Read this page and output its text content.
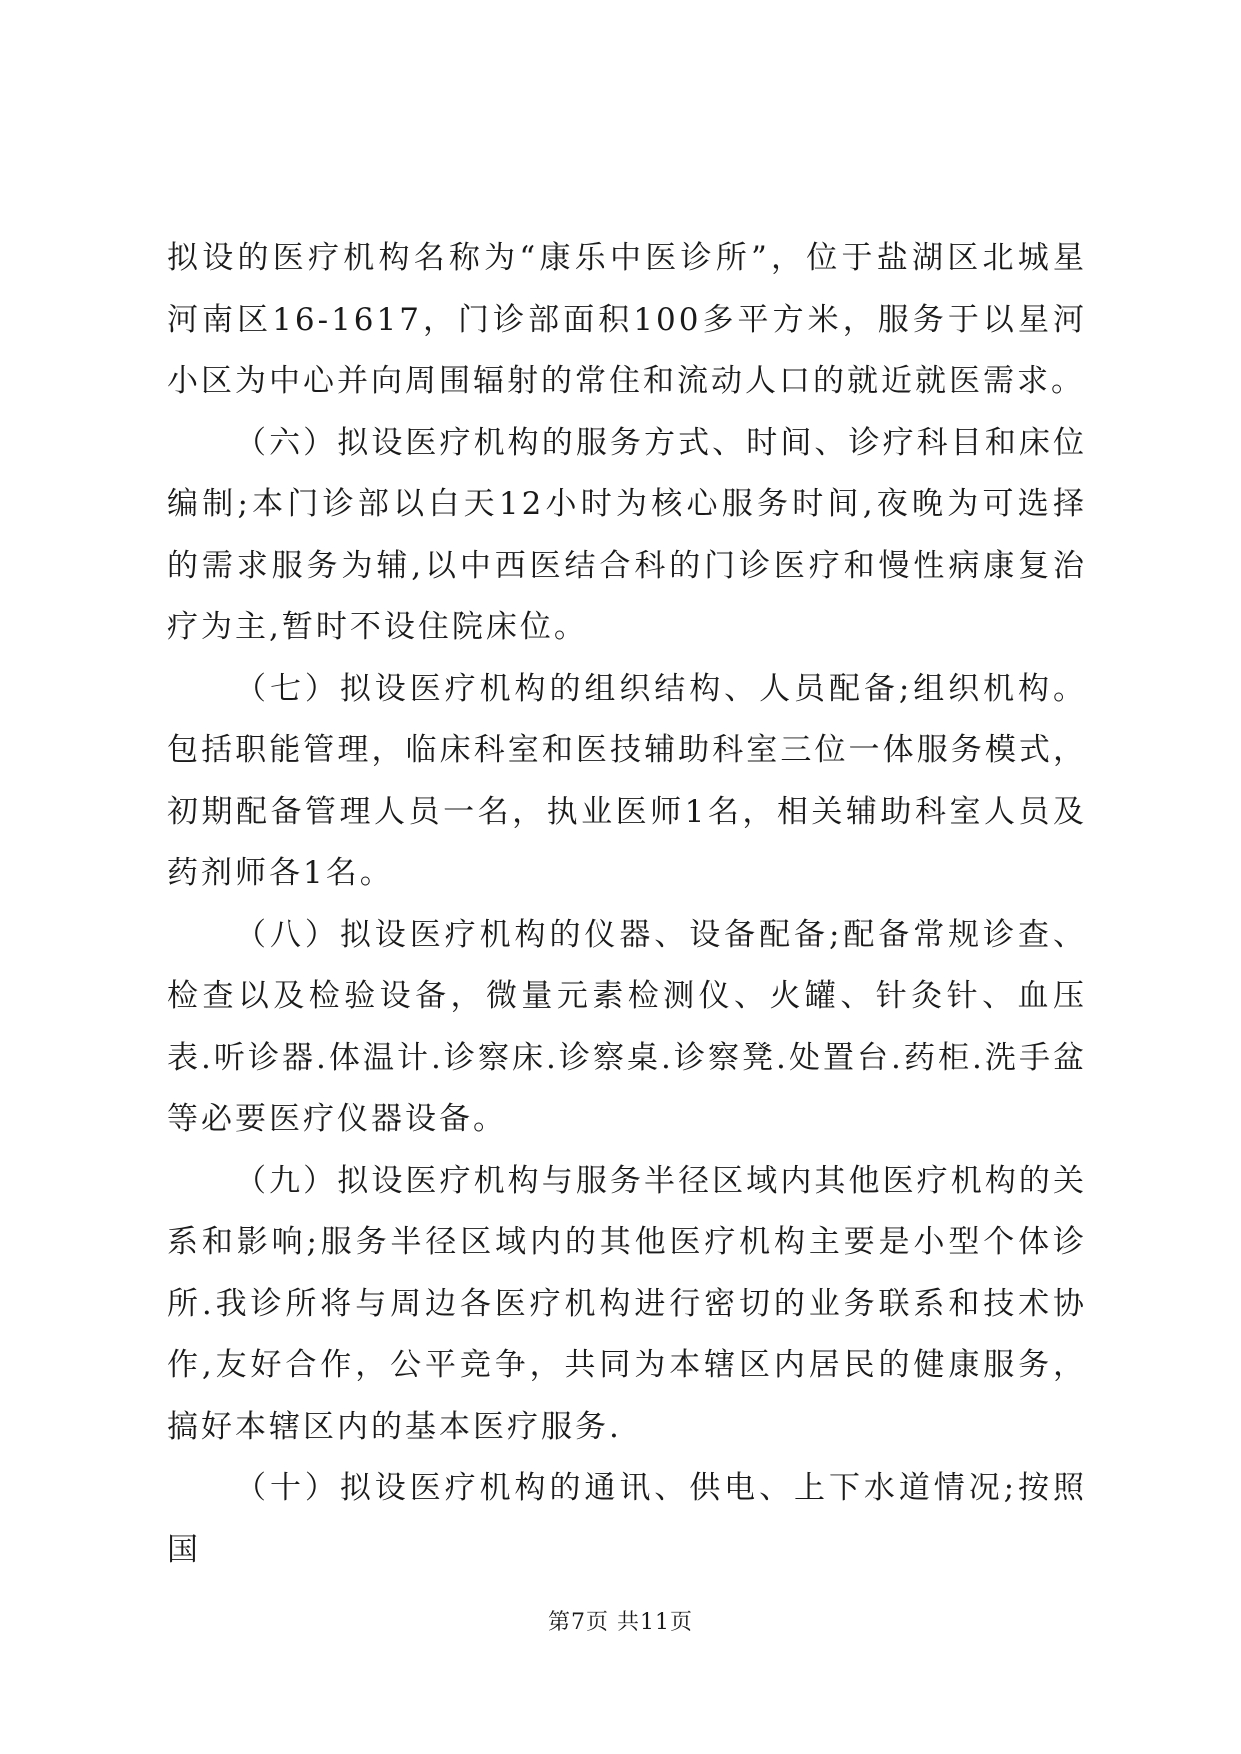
拟设的医疗机构名称为“康乐中医诊所”，位于盐湖区北城星河南区16-1617，门诊部面积100多平方米，服务于以星河小区为中心并向周围辐射的常住和流动人口的就近就医需求。

（六）拟设医疗机构的服务方式、时间、诊疗科目和床位编制;本门诊部以白天12小时为核心服务时间,夜晚为可选择的需求服务为辅,以中西医结合科的门诊医疗和慢性病康复治疗为主,暂时不设住院床位。

（七）拟设医疗机构的组织结构、人员配备;组织机构。包括职能管理，临床科室和医技辅助科室三位一体服务模式，初期配备管理人员一名，执业医师1名，相关辅助科室人员及药剂师各1名。

（八）拟设医疗机构的仪器、设备配备;配备常规诊查、检查以及检验设备，微量元素检测仪、火罐、针灸针、血压表.听诊器.体温计.诊察床.诊察桌.诊察凳.处置台.药柜.洗手盆等必要医疗仪器设备。

（九）拟设医疗机构与服务半径区域内其他医疗机构的关系和影响;服务半径区域内的其他医疗机构主要是小型个体诊所.我诊所将与周边各医疗机构进行密切的业务联系和技术协作,友好合作，公平竞争，共同为本辖区内居民的健康服务，搞好本辖区内的基本医疗服务.

（十）拟设医疗机构的通讯、供电、上下水道情况;按照国

第7页 共11页
